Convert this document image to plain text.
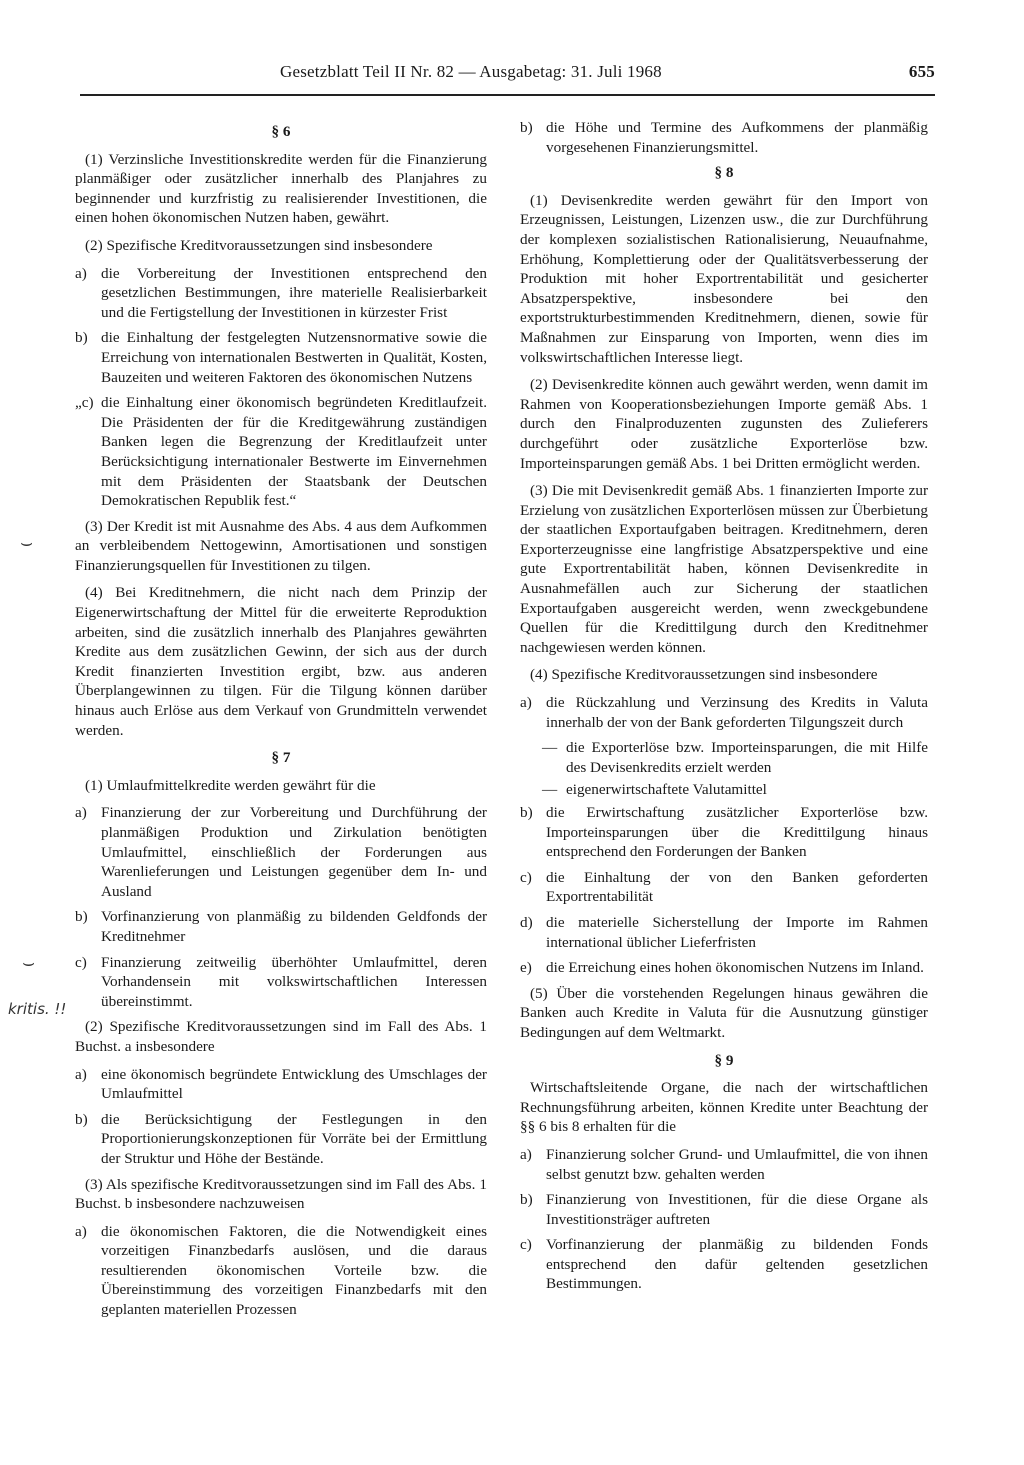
Gesetzblatt Teil II Nr. 82 — Ausgabetag: 31. Juli 1968	655
§ 6

(1) Verzinsliche Investitionskredite werden für die Finanzierung planmäßiger oder zusätzlicher innerhalb des Planjahres zu beginnender und kurzfristig zu realisierender Investitionen, die einen hohen ökonomischen Nutzen haben, gewährt.

(2) Spezifische Kreditvoraussetzungen sind insbesondere

a) die Vorbereitung der Investitionen entsprechend den gesetzlichen Bestimmungen, ihre materielle Realisierbarkeit und die Fertigstellung der Investitionen in kürzester Frist
b) die Einhaltung der festgelegten Nutzensnormative sowie die Erreichung von internationalen Bestwerten in Qualität, Kosten, Bauzeiten und weiteren Faktoren des ökonomischen Nutzens
„c) die Einhaltung einer ökonomisch begründeten Kreditlaufzeit. Die Präsidenten der für die Kreditgewährung zuständigen Banken legen die Begrenzung der Kreditlaufzeit unter Berücksichtigung internationaler Bestwerte im Einvernehmen mit dem Präsidenten der Staatsbank der Deutschen Demokratischen Republik fest.“

(3) Der Kredit ist mit Ausnahme des Abs. 4 aus dem Aufkommen an verbleibendem Nettogewinn, Amortisationen und sonstigen Finanzierungsquellen für Investitionen zu tilgen.

(4) Bei Kreditnehmern, die nicht nach dem Prinzip der Eigenerwirtschaftung der Mittel für die erweiterte Reproduktion arbeiten, sind die zusätzlich innerhalb des Planjahres gewährten Kredite aus dem zusätzlichen Gewinn, der sich aus der durch Kredit finanzierten Investition ergibt, bzw. aus anderen Überplangewinnen zu tilgen. Für die Tilgung können darüber hinaus auch Erlöse aus dem Verkauf von Grundmitteln verwendet werden.

§ 7

(1) Umlaufmittelkredite werden gewährt für die

a) Finanzierung der zur Vorbereitung und Durchführung der planmäßigen Produktion und Zirkulation benötigten Umlaufmittel, einschließlich der Forderungen aus Warenlieferungen und Leistungen gegenüber dem In- und Ausland
b) Vorfinanzierung von planmäßig zu bildenden Geldfonds der Kreditnehmer
c) Finanzierung zeitweilig überhöhter Umlaufmittel, deren Vorhandensein mit volkswirtschaftlichen Interessen übereinstimmt.

(2) Spezifische Kreditvoraussetzungen sind im Fall des Abs. 1 Buchst. a insbesondere

a) eine ökonomisch begründete Entwicklung des Umschlages der Umlaufmittel
b) die Berücksichtigung der Festlegungen in den Proportionierungskonzeptionen für Vorräte bei der Ermittlung der Struktur und Höhe der Bestände.

(3) Als spezifische Kreditvoraussetzungen sind im Fall des Abs. 1 Buchst. b insbesondere nachzuweisen

a) die ökonomischen Faktoren, die die Notwendigkeit eines vorzeitigen Finanzbedarfs auslösen, und die daraus resultierenden ökonomischen Vorteile bzw. die Übereinstimmung des vorzeitigen Finanzbedarfs mit den geplanten materiellen Prozessen
b) die Höhe und Termine des Aufkommens der planmäßig vorgesehenen Finanzierungsmittel.
§ 8

(1) Devisenkredite werden gewährt für den Import von Erzeugnissen, Leistungen, Lizenzen usw., die zur Durchführung der komplexen sozialistischen Rationalisierung, Neuaufnahme, Erhöhung, Komplettierung oder der Qualitätsverbesserung der Produktion mit hoher Exportrentabilität und gesicherter Absatzperspektive, insbesondere bei den exportstrukturbestimmenden Kreditnehmern, dienen, sowie für Maßnahmen zur Einsparung von Importen, wenn dies im volkswirtschaftlichen Interesse liegt.

(2) Devisenkredite können auch gewährt werden, wenn damit im Rahmen von Kooperationsbeziehungen Importe gemäß Abs. 1 durch den Finalproduzenten zugunsten des Zulieferers durchgeführt oder zusätzliche Exporterlöse bzw. Importeinsparungen gemäß Abs. 1 bei Dritten ermöglicht werden.

(3) Die mit Devisenkredit gemäß Abs. 1 finanzierten Importe zur Erzielung von zusätzlichen Exporterlösen müssen zur Überbietung der staatlichen Exportaufgaben beitragen. Kreditnehmern, deren Exporterzeugnisse eine langfristige Absatzperspektive und eine gute Exportrentabilität haben, können Devisenkredite in Ausnahmefällen auch zur Sicherung der staatlichen Exportaufgaben ausgereicht werden, wenn zweckgebundene Quellen für die Kredittilgung durch den Kreditnehmer nachgewiesen werden können.

(4) Spezifische Kreditvoraussetzungen sind insbesondere

a) die Rückzahlung und Verzinsung des Kredits in Valuta innerhalb der von der Bank geforderten Tilgungszeit durch
— die Exporterlöse bzw. Importeinsparungen, die mit Hilfe des Devisenkredits erzielt werden
— eigenerwirtschaftete Valutamittel
b) die Erwirtschaftung zusätzlicher Exporterlöse bzw. Importeinsparungen über die Kredittilgung hinaus entsprechend den Forderungen der Banken
c) die Einhaltung der von den Banken geforderten Exportrentabilität
d) die materielle Sicherstellung der Importe im Rahmen international üblicher Lieferfristen
e) die Erreichung eines hohen ökonomischen Nutzens im Inland.

(5) Über die vorstehenden Regelungen hinaus gewähren die Banken auch Kredite in Valuta für die Ausnutzung günstiger Bedingungen auf dem Weltmarkt.

§ 9

Wirtschaftsleitende Organe, die nach der wirtschaftlichen Rechnungsführung arbeiten, können Kredite unter Beachtung der §§ 6 bis 8 erhalten für die

a) Finanzierung solcher Grund- und Umlaufmittel, die von ihnen selbst genutzt bzw. gehalten werden
b) Finanzierung von Investitionen, für die diese Organe als Investitionsträger auftreten
c) Vorfinanzierung der planmäßig zu bildenden Fonds entsprechend den dafür geltenden gesetzlichen Bestimmungen.
⌣
⌣
kritis. !!
